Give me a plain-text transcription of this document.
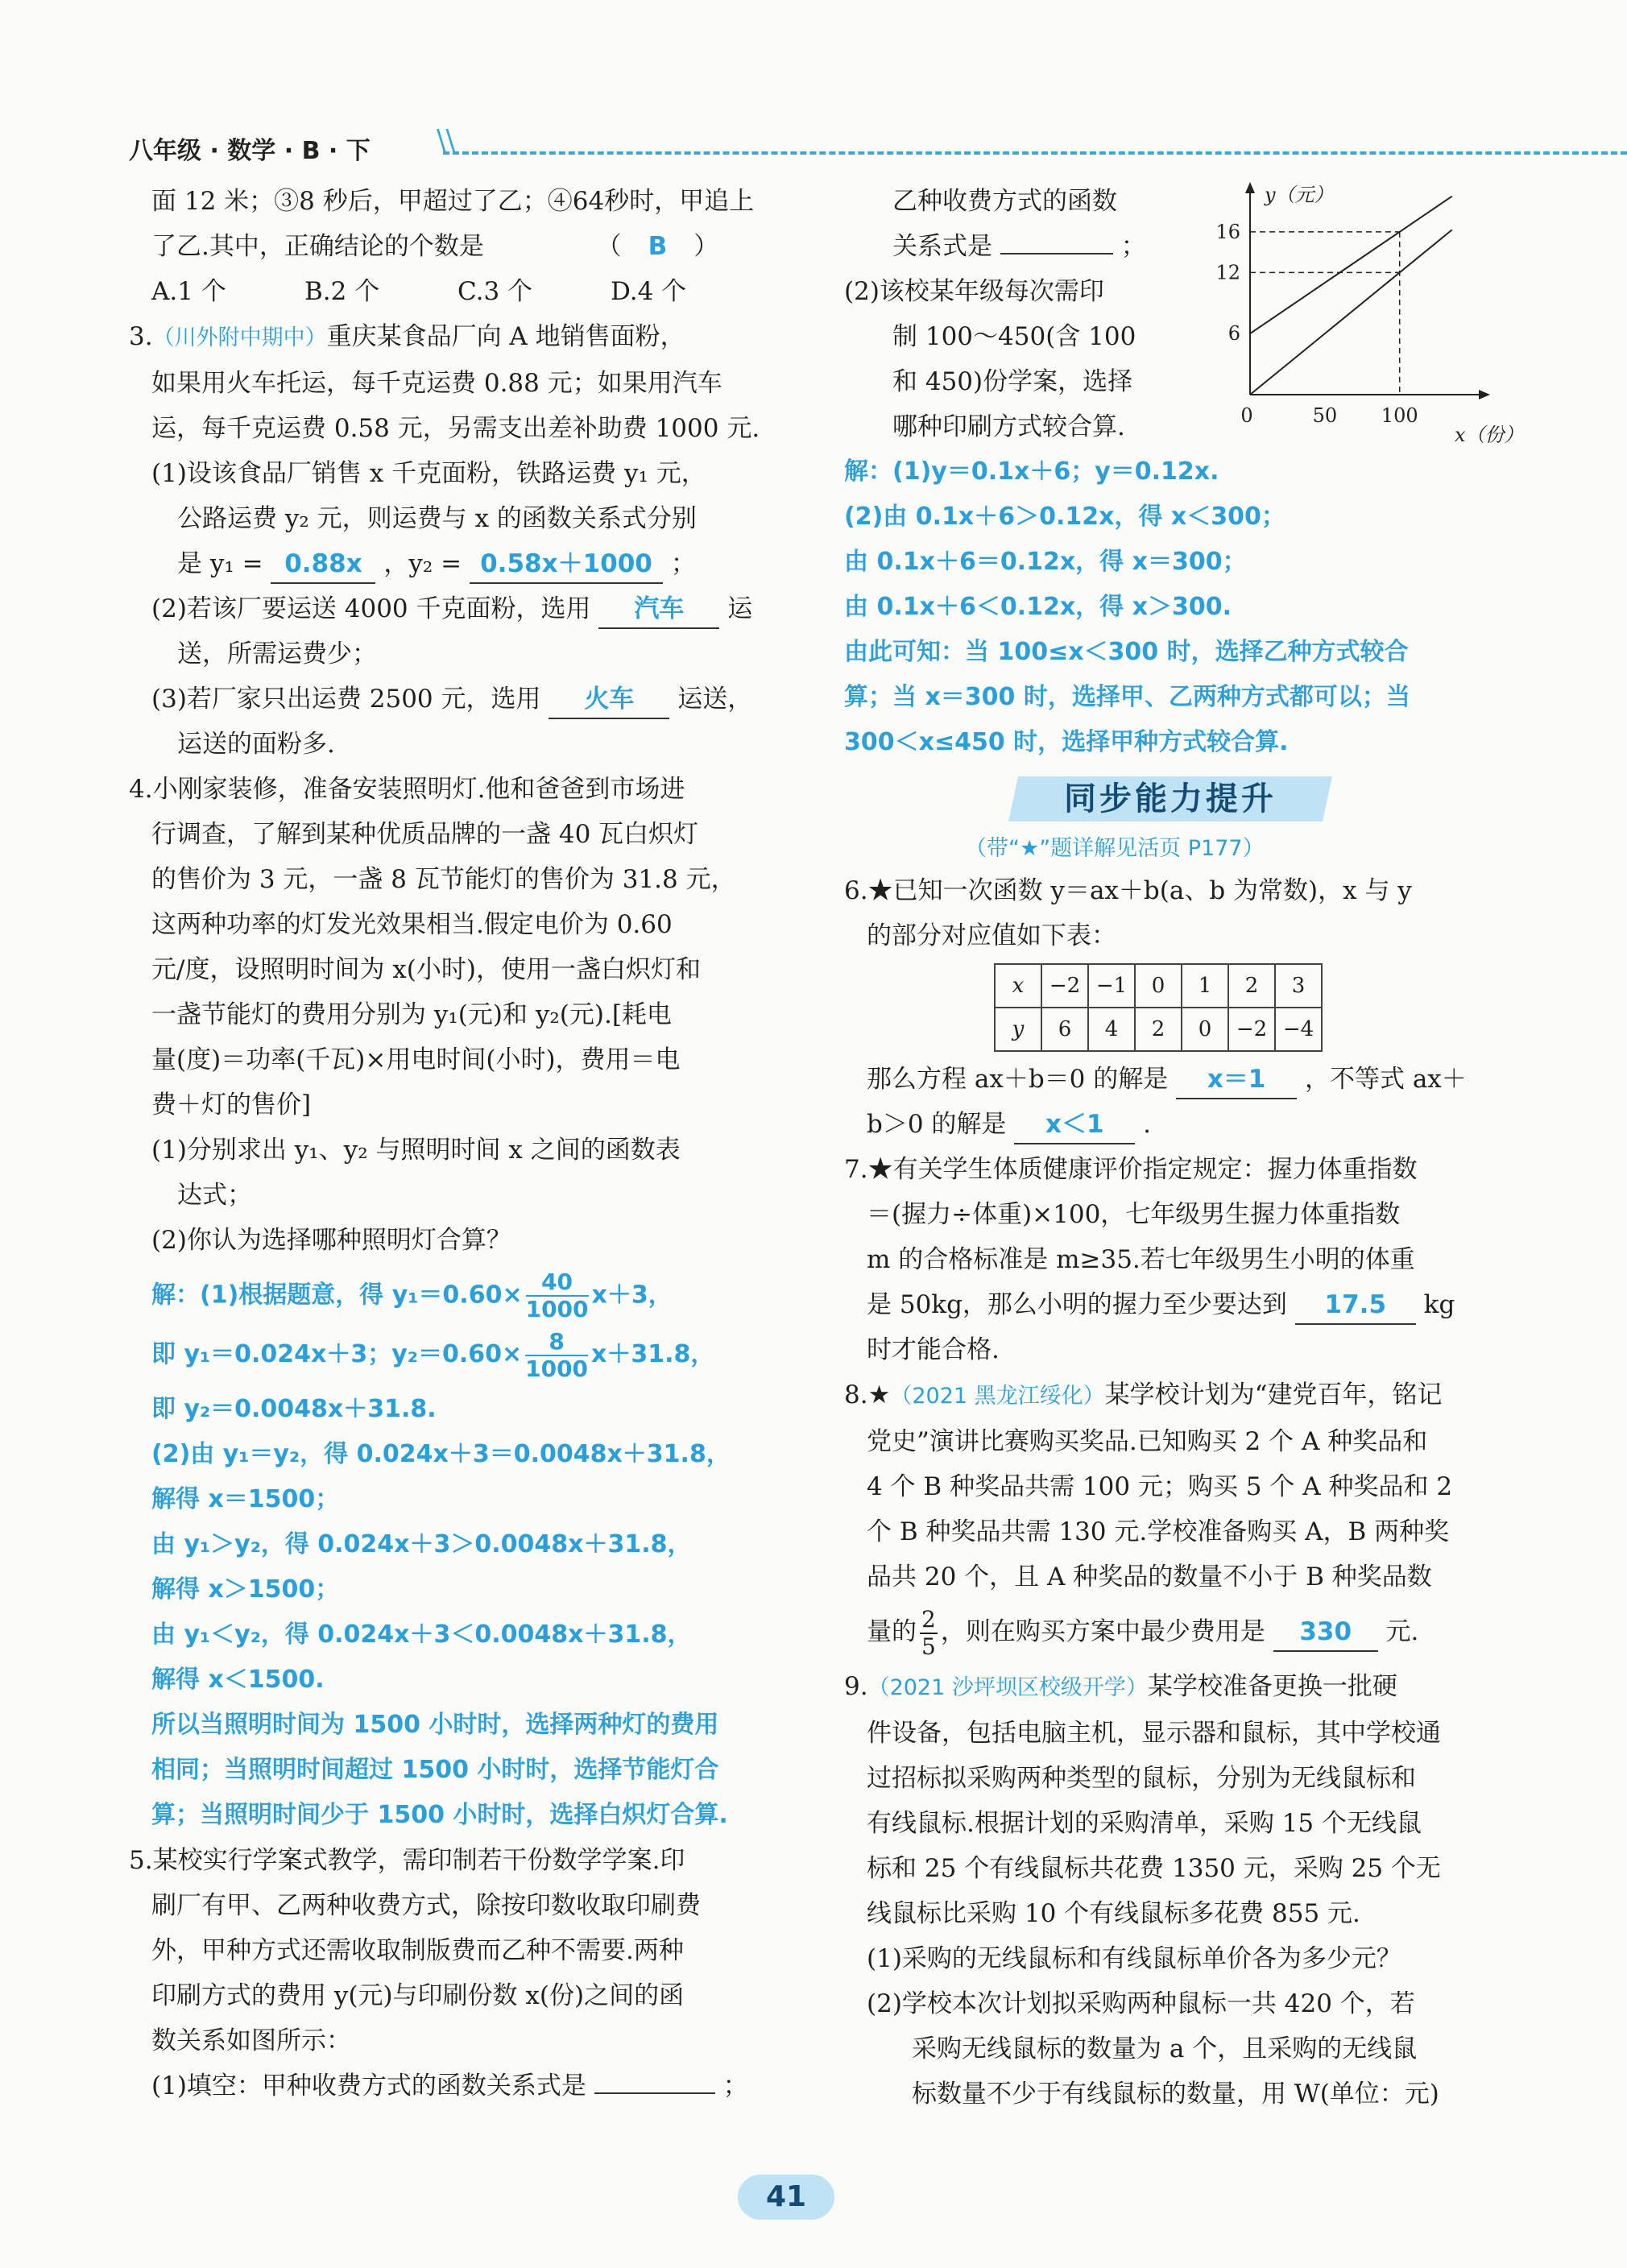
八年级 · 数学 · B · 下 \\

面 12 米；③8 秒后，甲超过了乙；④64秒时，甲追上

了乙.其中，正确结论的个数是	（ B ）

A.1 个	B.2 个	C.3 个	D.4 个

3.（川外附中期中）重庆某食品厂向 A 地销售面粉，

如果用火车托运，每千克运费 0.88 元；如果用汽车

运，每千克运费 0.58 元，另需支出差补助费 1000 元.

(1)设该食品厂销售 x 千克面粉，铁路运费 y₁ 元，

公路运费 y₂ 元，则运费与 x 的函数关系式分别

是 y₁ = 0.88x ，y₂ = 0.58x＋1000 ；

(2)若该厂要运送 4000 千克面粉，选用 汽车 运

送，所需运费少；

(3)若厂家只出运费 2500 元，选用 火车 运送，

运送的面粉多.

4.小刚家装修，准备安装照明灯.他和爸爸到市场进

行调查，了解到某种优质品牌的一盏 40 瓦白炽灯

的售价为 3 元，一盏 8 瓦节能灯的售价为 31.8 元，

这两种功率的灯发光效果相当.假定电价为 0.60

元/度，设照明时间为 x(小时)，使用一盏白炽灯和

一盏节能灯的费用分别为 y₁(元)和 y₂(元).[耗电

量(度)＝功率(千瓦)×用电时间(小时)，费用＝电

费＋灯的售价]

(1)分别求出 y₁、y₂ 与照明时间 x 之间的函数表

达式；

(2)你认为选择哪种照明灯合算？

解：(1)根据题意，得 $y_1=0.60\times \frac{40}{1000} x+3$，

即 y₁＝0.024x＋3；$y_2=0.60\times \frac{8}{1000} x+31.8$，

即 y₂＝0.0048x＋31.8.

(2)由 y₁＝y₂，得 0.024x＋3＝0.0048x＋31.8，

解得 x＝1500；

由 y₁＞y₂，得 0.024x＋3＞0.0048x＋31.8，

解得 x＞1500；

由 y₁＜y₂，得 0.024x＋3＜0.0048x＋31.8，

解得 x＜1500.

所以当照明时间为 1500 小时时，选择两种灯的费用

相同；当照明时间超过 1500 小时时，选择节能灯合

算；当照明时间少于 1500 小时时，选择白炽灯合算.

5.某校实行学案式教学，需印制若干份数学学案.印

刷厂有甲、乙两种收费方式，除按印数收取印刷费

外，甲种方式还需收取制版费而乙种不需要.两种

印刷方式的费用 y(元)与印刷份数 x(份)之间的函

数关系如图所示：

(1)填空：甲种收费方式的函数关系式是	；

乙种收费方式的函数

关系式是	；

(2)该校某年级每次需印

制 100～450(含 100

和 450)份学案，选择

哪种印刷方式较合算.

解：(1)y＝0.1x＋6；y＝0.12x.

(2)由 0.1x＋6＞0.12x，得 x＜300；

由 0.1x＋6＝0.12x，得 x＝300；

由 0.1x＋6＜0.12x，得 x＞300.

由此可知：当 100≤x＜300 时，选择乙种方式较合

算；当 x＝300 时，选择甲、乙两种方式都可以；当

300＜x≤450 时，选择甲种方式较合算.

同步能力提升

（带“★”题详解见活页 P177）

6.★已知一次函数 y＝ax＋b(a、b 为常数)，x 与 y

的部分对应值如下表：

x	−2	−1	0	1	2	3
y	6	4	2	0	−2	−4

那么方程 ax＋b＝0 的解是 x＝1 ，不等式 ax＋

b＞0 的解是 x＜1 .

7.★有关学生体质健康评价指定规定：握力体重指数

＝(握力÷体重)×100，七年级男生握力体重指数

m 的合格标准是 m≥35.若七年级男生小明的体重

是 50kg，那么小明的握力至少要达到 17.5 kg

时才能合格.

8.★（2021 黑龙江绥化）某学校计划为“建党百年，铭记

党史”演讲比赛购买奖品.已知购买 2 个 A 种奖品和

4 个 B 种奖品共需 100 元；购买 5 个 A 种奖品和 2

个 B 种奖品共需 130 元.学校准备购买 A，B 两种奖

品共 20 个，且 A 种奖品的数量不小于 B 种奖品数

量的 $\frac{2}{5}$ ，则在购买方案中最少费用是 330 元.

9.（2021 沙坪坝区校级开学）某学校准备更换一批硬

件设备，包括电脑主机，显示器和鼠标，其中学校通

过招标拟采购两种类型的鼠标，分别为无线鼠标和

有线鼠标.根据计划的采购清单，采购 15 个无线鼠

标和 25 个有线鼠标共花费 1350 元，采购 25 个无

线鼠标比采购 10 个有线鼠标多花费 855 元.

(1)采购的无线鼠标和有线鼠标单价各为多少元？

(2)学校本次计划拟采购两种鼠标一共 420 个，若

采购无线鼠标的数量为 a 个，且采购的无线鼠

标数量不少于有线鼠标的数量，用 W(单位：元)

y（元）
x（份）
6
12
16
0	50 100
41
